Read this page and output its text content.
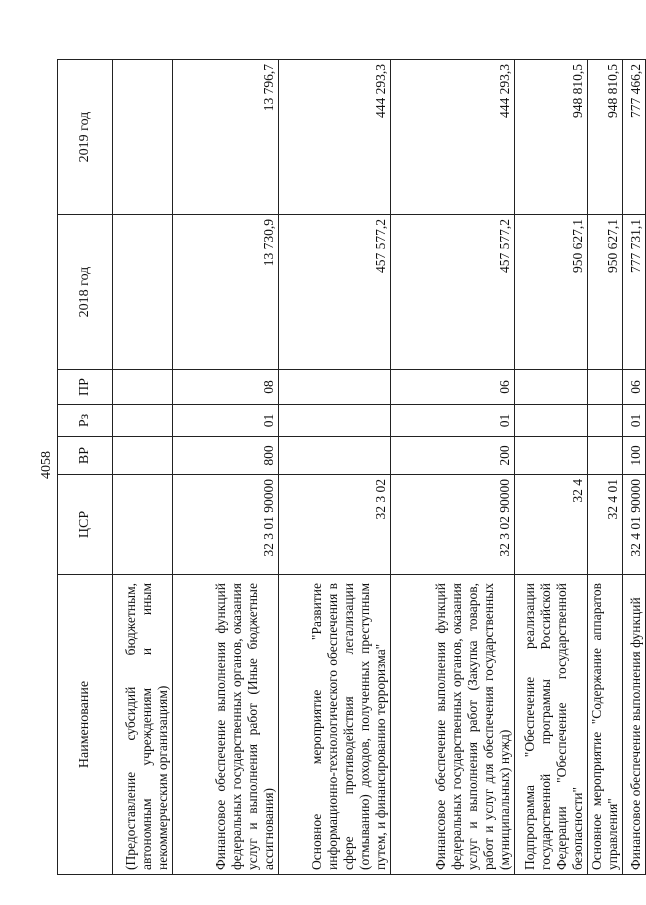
4058
Наименование	ЦСР	ВР	Рз	ПР	2018 год	2019 год
(Предоставление субсидий бюджетным, автономным учреждениям и иным некоммерческим организациям)						
Финансовое обеспечение выполнения функций федеральных государственных органов, оказания услуг и выполнения работ (Иные бюджетные ассигнования)	32 3 01 90000	800	01	08	13 730,9	13 796,7
Основное мероприятие "Развитие информационно-технологического обеспечения в сфере противодействия легализации (отмыванию) доходов, полученных преступным путем, и финансированию терроризма"	32 3 02				457 577,2	444 293,3
Финансовое обеспечение выполнения функций федеральных государственных органов, оказания услуг и выполнения работ (Закупка товаров, работ и услуг для обеспечения государственных (муниципальных) нужд)	32 3 02 90000	200	01	06	457 577,2	444 293,3
Подпрограмма "Обеспечение реализации государственной программы Российской Федерации "Обеспечение государственной безопасности"	32 4				950 627,1	948 810,5
Основное мероприятие "Содержание аппаратов управления"	32 4 01				950 627,1	948 810,5
Финансовое обеспечение выполнения функций	32 4 01 90000	100	01	06	777 731,1	777 466,2
